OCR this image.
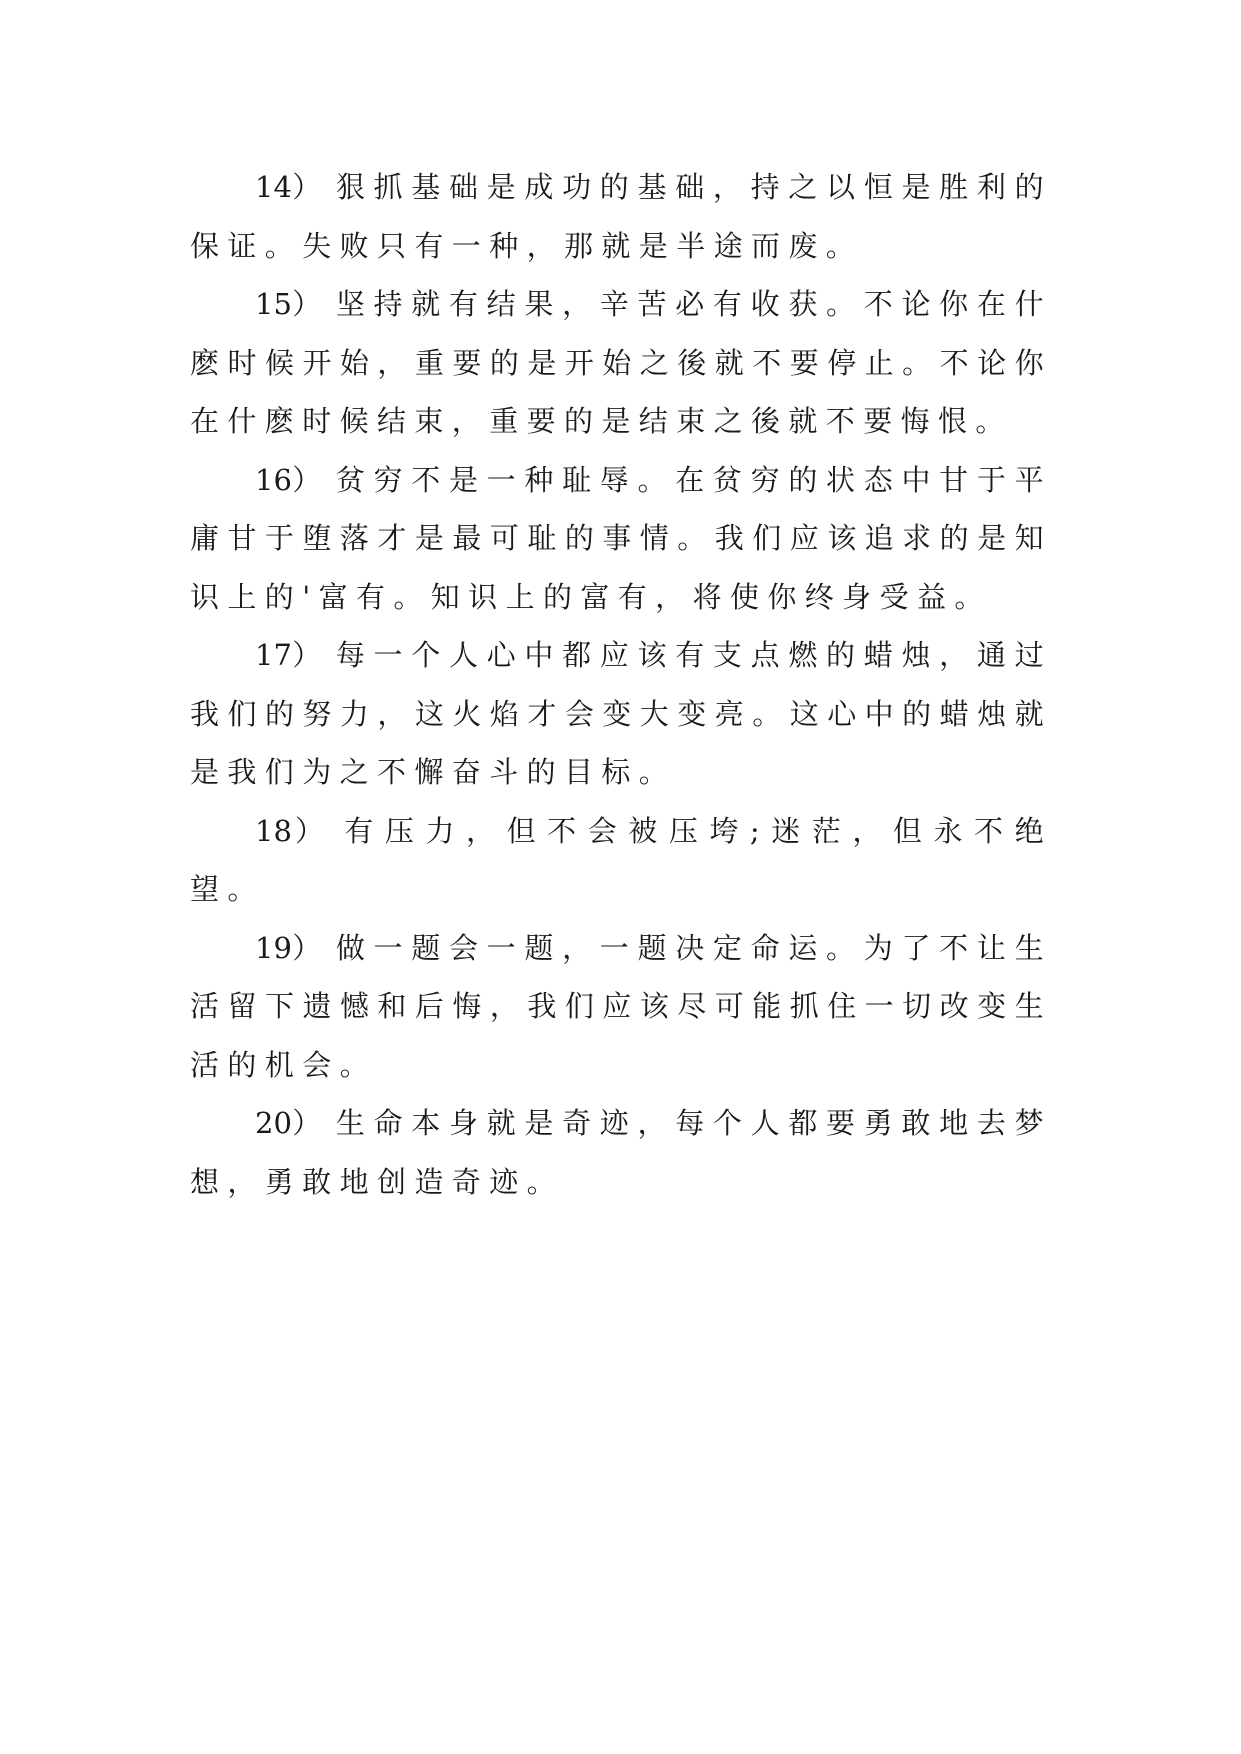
14） 狠抓基础是成功的基础，持之以恒是胜利的保证。失败只有一种，那就是半途而废。

15） 坚持就有结果，辛苦必有收获。不论你在什麽时候开始，重要的是开始之後就不要停止。不论你在什麽时候结束，重要的是结束之後就不要悔恨。

16） 贫穷不是一种耻辱。在贫穷的状态中甘于平庸甘于堕落才是最可耻的事情。我们应该追求的是知识上的'富有。知识上的富有，将使你终身受益。

17） 每一个人心中都应该有支点燃的蜡烛，通过我们的努力，这火焰才会变大变亮。这心中的蜡烛就是我们为之不懈奋斗的目标。

18） 有压力，但不会被压垮;迷茫，但永不绝望。

19） 做一题会一题，一题决定命运。为了不让生活留下遗憾和后悔，我们应该尽可能抓住一切改变生活的机会。

20） 生命本身就是奇迹，每个人都要勇敢地去梦想，勇敢地创造奇迹。
